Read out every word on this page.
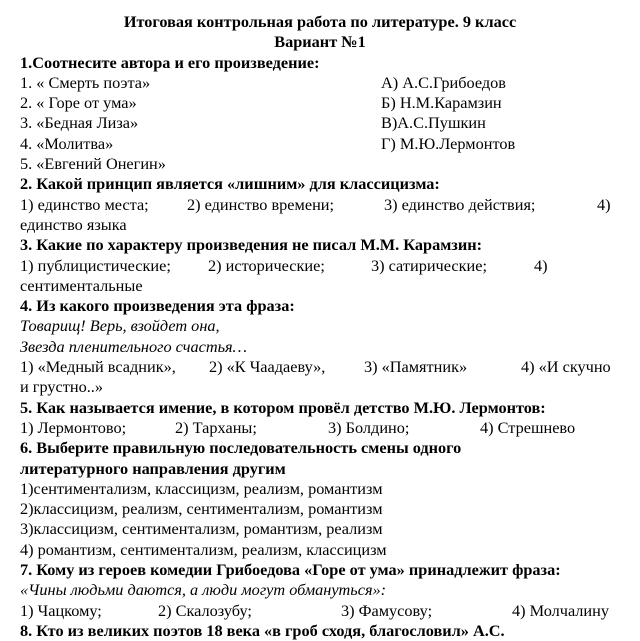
Итоговая контрольная работа по литературе. 9 класс
Вариант №1
1.Соотнесите автора и его произведение:
1. « Смерть поэта»	А) А.С.Грибоедов
2. « Горе от ума»	Б) Н.М.Карамзин
3. «Бедная Лиза»	В)А.С.Пушкин
4. «Молитва»	Г) М.Ю.Лермонтов
5. «Евгений Онегин»
2. Какой принцип является «лишним» для классицизма:
1) единство места; 2) единство времени;	3) единство действия;	4)
единство языка
3. Какие по характеру произведения не писал М.М. Карамзин:
1) публицистические; 2) исторические;	3) сатирические;	4)
сентиментальные
4. Из какого произведения эта фраза:
Товарищ! Верь, взойдет она,
Звезда пленительного счастья…
1) «Медный всадник», 2) «К Чаадаеву», 3) «Памятник»	4) «И скучно
и грустно..»
5. Как называется имение, в котором провёл детство М.Ю. Лермонтов:
1) Лермонтово;	2) Тарханы;	3) Болдино;	4) Стрешнево
6. Выберите правильную последовательность смены одного
литературного направления другим
1)сентиментализм, классицизм, реализм, романтизм
2)классицизм, реализм, сентиментализм, романтизм
3)классицизм, сентиментализм, романтизм, реализм
4) романтизм, сентиментализм, реализм, классицизм
7. Кому из героев комедии Грибоедова «Горе от ума» принадлежит фраза:
«Чины людьми даются, а люди могут обмануться»:
1) Чацкому;	2) Скалозубу;	3) Фамусову;	4) Молчалину
8. Кто из великих поэтов 18 века «в гроб сходя, благословил» А.С.
